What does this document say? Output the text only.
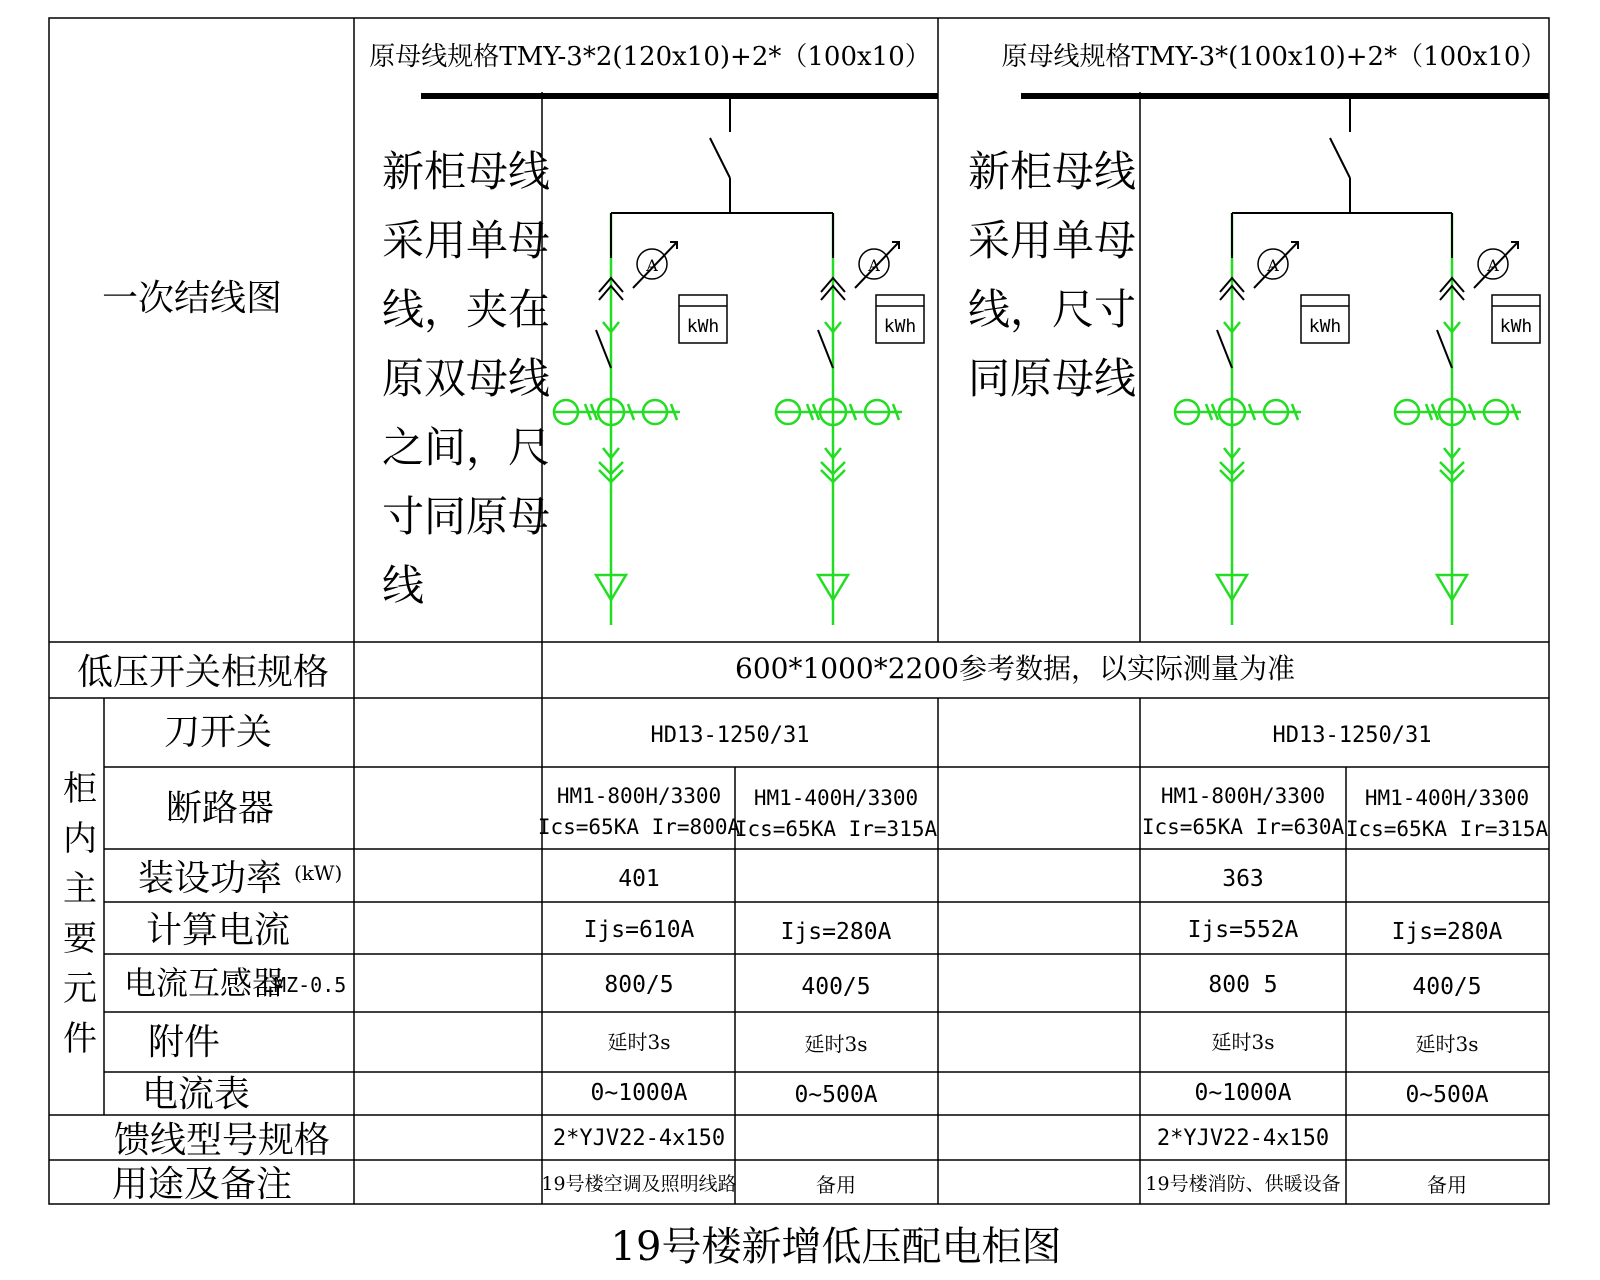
一次结线图
低压开关柜规格
柜
内
主
要
元
件
刀开关
断路器
装设功率 (kW)
计算电流
电流互感器
LMZ-0.5
附件
电流表
馈线型号规格
用途及备注
原母线规格TMY-3*2(120x10)+2*（100x10）	原母线规格TMY-3*(100x10)+2*（100x10）
新柜母线
采用单母
线，夹在
原双母线
之间，尺
寸同原母
线
新柜母线
采用单母
线，尺寸
同原母线
A
kWh
A
kWh
A
kWh
A
kWh
600*1000*2200参考数据，以实际测量为准
HD13-1250/31	HD13-1250/31
HM1-800H/3300
Ics=65KA Ir=800A
401
Ijs=610A
800/5
延时3s
0~1000A
2*YJV22-4x150
19号楼空调及照明线路
HM1-400H/3300
Ics=65KA Ir=315A
Ijs=280A
400/5
延时3s
0~500A
备用
HM1-800H/3300
Ics=65KA Ir=630A
363
Ijs=552A
800 5
延时3s
0~1000A
2*YJV22-4x150
19号楼消防、供暖设备
HM1-400H/3300
Ics=65KA Ir=315A
Ijs=280A
400/5
延时3s
0~500A
备用
19号楼新增低压配电柜图
